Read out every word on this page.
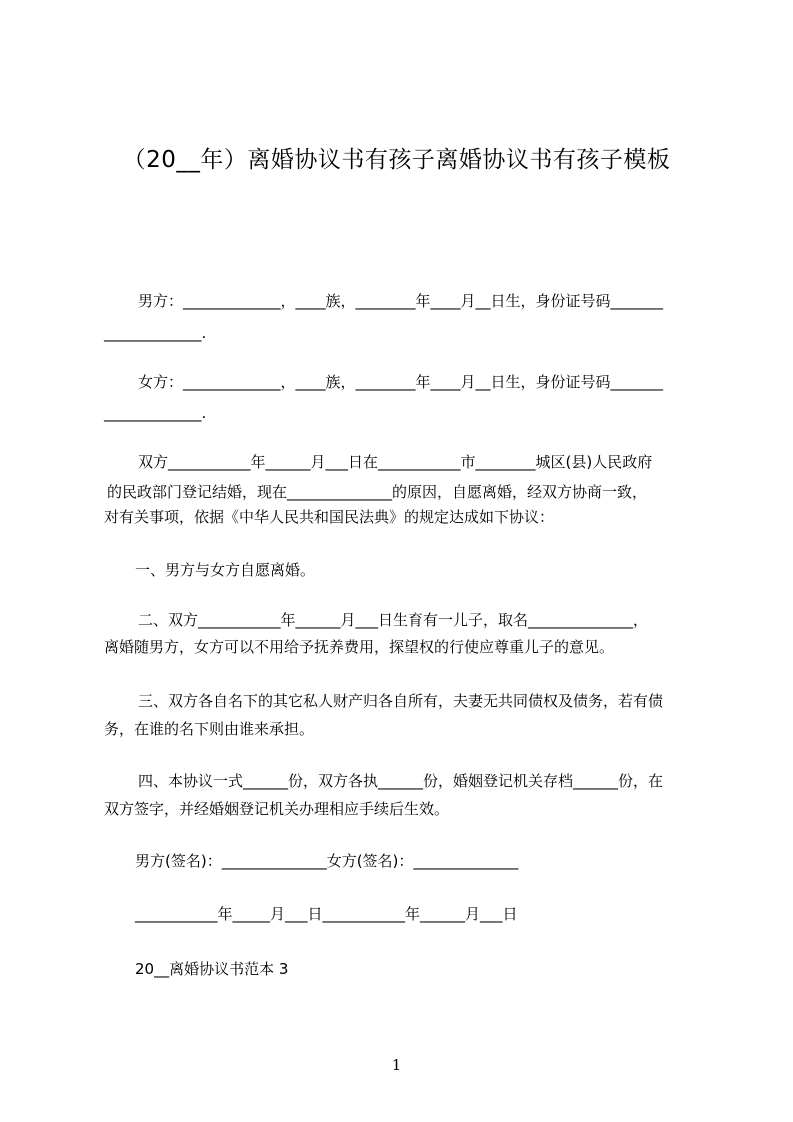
（20__年）离婚协议书有孩子离婚协议书有孩子模板
男方：_____________，____族，________年____月__日生，身份证号码_______
_____________.
女方：_____________，____族，________年____月__日生，身份证号码_______
_____________.
双方___________年______月___日在___________市________城区(县)人民政府
的民政部门登记结婚，现在______________的原因，自愿离婚，经双方协商一致，
对有关事项，依据《中华人民共和国民法典》的规定达成如下协议：
一、男方与女方自愿离婚。
二、双方___________年______月___日生育有一儿子，取名______________，
离婚随男方，女方可以不用给予抚养费用，探望权的行使应尊重儿子的意见。
三、双方各自名下的其它私人财产归各自所有，夫妻无共同债权及债务，若有债
务，在谁的名下则由谁来承担。
四、本协议一式______份，双方各执______份，婚姻登记机关存档______份，在
双方签字，并经婚姻登记机关办理相应手续后生效。
男方(签名)：______________女方(签名)：______________
___________年_____月___日___________年______月___日
20__离婚协议书范本 3
1
